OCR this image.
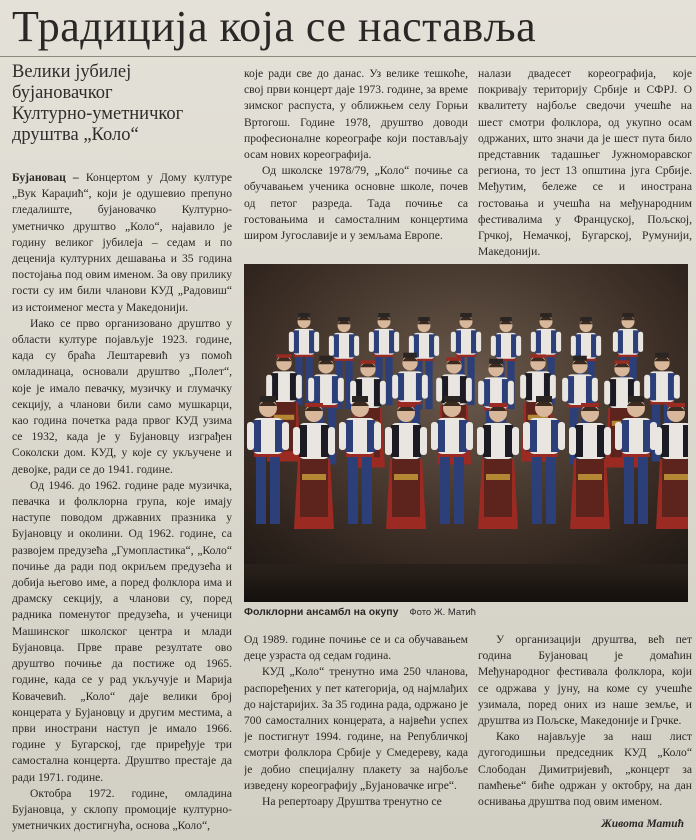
Традиција која се наставља
Велики јубилеј
бујановачког
Културно-уметничког
друштва „Коло“

Бујановац – Концертом у Дому културе „Вук Караџић“, који је одушевио препуно гледалиште, бујановачко Културно-уметничко друштво „Коло“, најавило је годину великог јубилеја – седам и по деценија културних дешавања и 35 година постојања под овим именом. За ову прилику гости су им били чланови КУД „Радовиш“ из истоименог места у Македонији.

Иако се прво организовано друштво у области културе појављује 1923. године, када су браћа Лештаревић уз помоћ омладинаца, основали друштво „Полет“, које је имало певачку, музичку и глумачку секцију, а чланови били само мушкарци, као година почетка рада првог КУД узима се 1932, када је у Бујановцу изграђен Соколски дом. КУД, у које су укључене и девојке, ради се до 1941. године.

Од 1946. до 1962. године раде музичка, певачка и фолклорна група, које имају наступе поводом државних празника у Бујановцу и околини. Од 1962. године, са развојем предузећа „Гумопластика“, „Коло“ почиње да ради под окриљем предузећа и добија његово име, а поред фолклора има и драмску секцију, а чланови су, поред радника поменутог предузећа, и ученици Машинског школског центра и млади Бујановца. Прве праве резултате ово друштво почиње да постиже од 1965. године, када се у рад укључује и Марија Ковачевић. „Коло“ даје велики број концерата у Бујановцу и другим местима, а први инострани наступ је имало 1966. године у Бугарској, где приређује три самостална концерта. Друштво престаје да ради 1971. године.

Октобра 1972. године, омладина Бујановца, у склопу промоције културно-уметничких достигнућа, основа „Коло“,

које ради све до данас. Уз велике тешкоће, свој први концерт даје 1973. године, за време зимског распуста, у оближњем селу Горњи Вртогош. Године 1978, друштво доводи професионалне кореографе који постављају осам нових кореографија.

Од школске 1978/79, „Коло“ почиње са обучавањем ученика основне школе, почев од петог разреда. Тада почиње са гостовањима и самосталним концертима широм Југославије и у земљама Европе.

налази двадесет кореографија, које покривају територију Србије и СФРЈ. О квалитету најбоље сведочи учешће на шест смотри фолклора, од укупно осам одржаних, што значи да је шест пута било представник тадашњег Јужноморавског региона, то јест 13 општина југа Србије. Међутим, бележе се и инострана гостовања и учешћа на међународним фестивалима у Француској, Пољској, Грчкој, Немачкој, Бугарској, Румунији, Македонији.

Фолклорни ансамбл на окупу Фото Ж. Матић

Од 1989. године почиње се и са обучавањем деце узраста од седам година.

КУД „Коло“ тренутно има 250 чланова, распоређених у пет категорија, од најмлађих до најстаријих. За 35 година рада, одржано је 700 самосталних концерата, а највећи успех је постигнут 1994. године, на Републичкој смотри фолклора Србије у Смедереву, када је добио специјалну плакету за најбоље изведену кореографију „Бујановачке игре“.

На репертоару Друштва тренутно се

У организацији друштва, већ пет година Бујановац је домаћин Међународног фестивала фолклора, који се одржава у јуну, на коме су учешће узимала, поред оних из наше земље, и друштва из Пољске, Македоније и Грчке.

Како најављује за наш лист дугогодишњи председник КУД „Коло“ Слободан Димитријевић, „концерт за памћење“ биће одржан у октобру, на дан оснивања друштва под овим именом.

Живота Матић
